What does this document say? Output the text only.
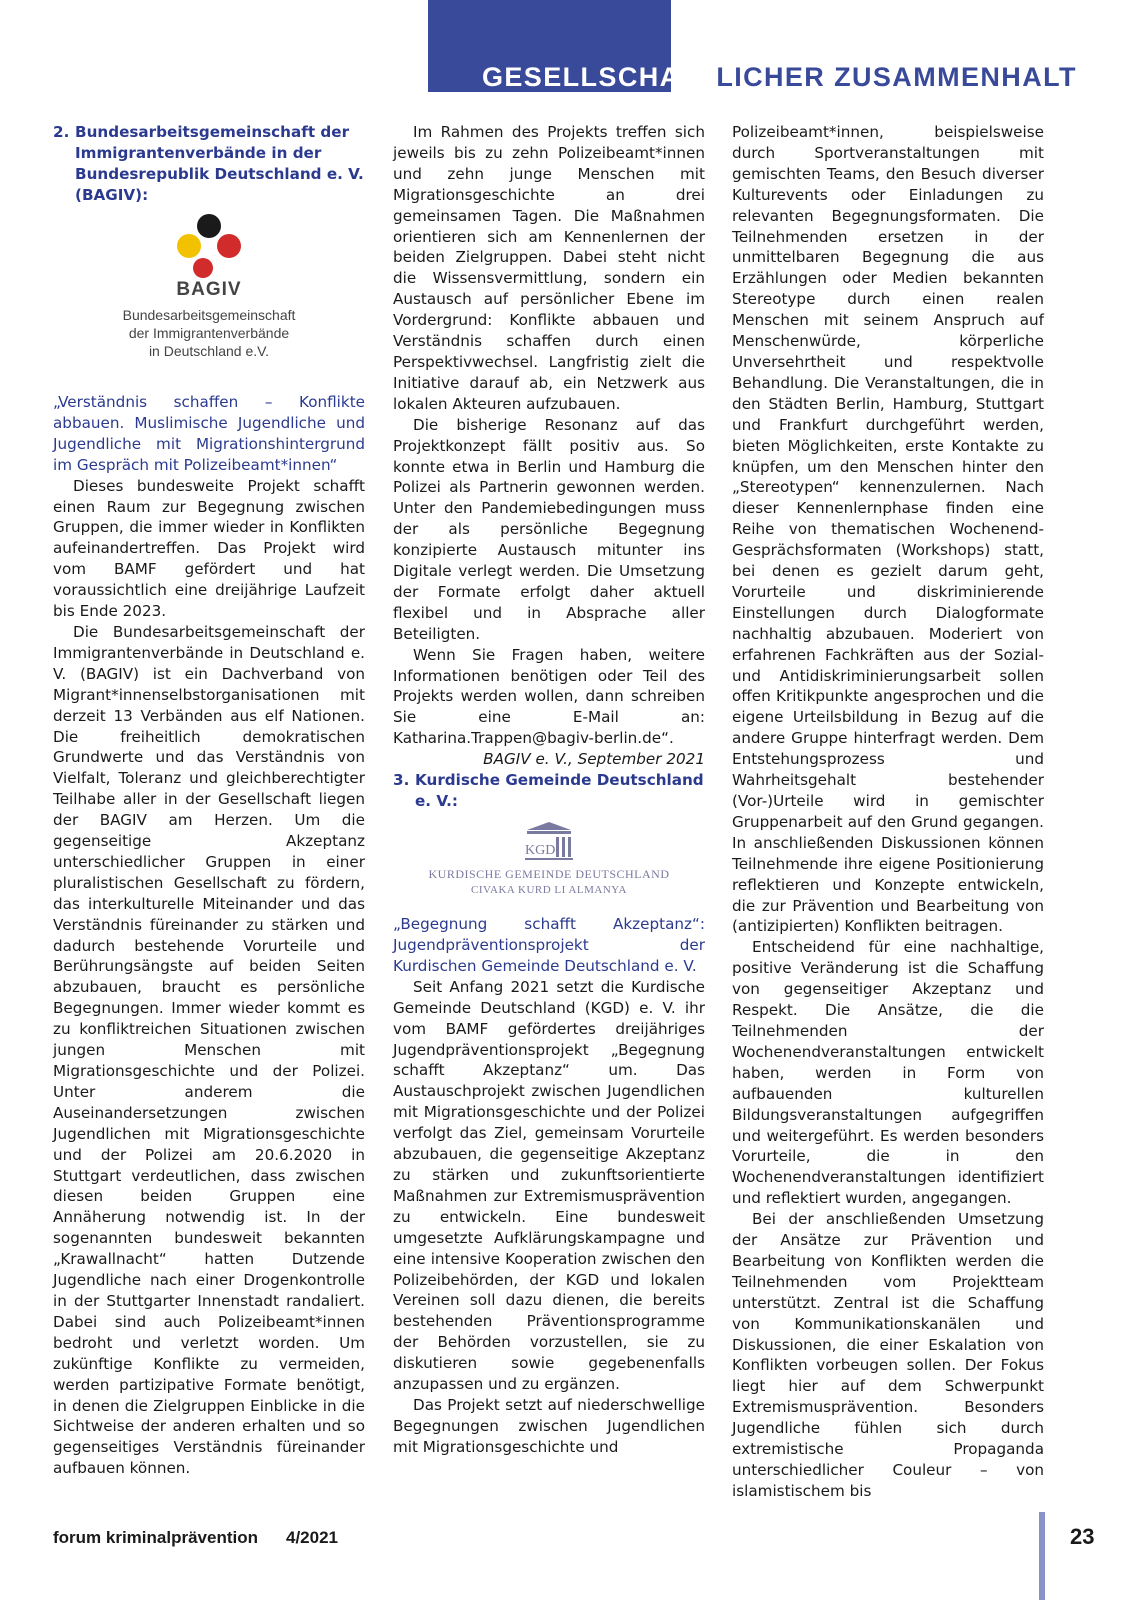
GESELLSCHAFTLICHER ZUSAMMENHALT
2. Bundesarbeitsgemeinschaft der Immigrantenverbände in der Bundesrepublik Deutschland e. V. (BAGIV):
BAGIV
Bundesarbeitsgemeinschaft
der Immigrantenverbände
in Deutschland e.V.

„Verständnis schaffen – Konflikte abbauen. Muslimische Jugendliche und Jugendliche mit Migrationshintergrund im Gespräch mit Polizeibeamt*innen“

Dieses bundesweite Projekt schafft einen Raum zur Begegnung zwischen Gruppen, die immer wieder in Konflikten aufeinandertreffen. Das Projekt wird vom BAMF gefördert und hat voraussichtlich eine dreijährige Laufzeit bis Ende 2023.

Die Bundesarbeitsgemeinschaft der Immigrantenverbände in Deutschland e. V. (BAGIV) ist ein Dachverband von Migrant*innenselbstorganisationen mit derzeit 13 Verbänden aus elf Nationen. Die freiheitlich demokratischen Grundwerte und das Verständnis von Vielfalt, Toleranz und gleichberechtigter Teilhabe aller in der Gesellschaft liegen der BAGIV am Herzen. Um die gegenseitige Akzeptanz unterschiedlicher Gruppen in einer pluralistischen Gesellschaft zu fördern, das interkulturelle Miteinander und das Verständnis füreinander zu stärken und dadurch bestehende Vorurteile und Berührungsängste auf beiden Seiten abzubauen, braucht es persönliche Begegnungen. Immer wieder kommt es zu konfliktreichen Situationen zwischen jungen Menschen mit Migrationsgeschichte und der Polizei. Unter anderem die Auseinandersetzungen zwischen Jugendlichen mit Migrationsgeschichte und der Polizei am 20.6.2020 in Stuttgart verdeutlichen, dass zwischen diesen beiden Gruppen eine Annäherung notwendig ist. In der sogenannten bundesweit bekannten „Krawallnacht“ hatten Dutzende Jugendliche nach einer Drogenkontrolle in der Stuttgarter Innenstadt randaliert. Dabei sind auch Polizeibeamt*innen bedroht und verletzt worden. Um zukünftige Konflikte zu vermeiden, werden partizipative Formate benötigt, in denen die Zielgruppen Einblicke in die Sichtweise der anderen erhalten und so gegenseitiges Verständnis füreinander aufbauen können.

Im Rahmen des Projekts treffen sich jeweils bis zu zehn Polizeibeamt*innen und zehn junge Menschen mit Migrationsgeschichte an drei gemeinsamen Tagen. Die Maßnahmen orientieren sich am Kennenlernen der beiden Zielgruppen. Dabei steht nicht die Wissensvermittlung, sondern ein Austausch auf persönlicher Ebene im Vordergrund: Konflikte abbauen und Verständnis schaffen durch einen Perspektivwechsel. Langfristig zielt die Initiative darauf ab, ein Netzwerk aus lokalen Akteuren aufzubauen.

Die bisherige Resonanz auf das Projektkonzept fällt positiv aus. So konnte etwa in Berlin und Hamburg die Polizei als Partnerin gewonnen werden. Unter den Pandemiebedingungen muss der als persönliche Begegnung konzipierte Austausch mitunter ins Digitale verlegt werden. Die Umsetzung der Formate erfolgt daher aktuell flexibel und in Absprache aller Beteiligten.

Wenn Sie Fragen haben, weitere Informationen benötigen oder Teil des Projekts werden wollen, dann schreiben Sie eine E-Mail an: Katharina.Trappen@bagiv-berlin.de“.

BAGIV e. V., September 2021

3. Kurdische Gemeinde Deutschland e. V.:
KGD
KURDISCHE GEMEINDE DEUTSCHLAND
CIVAKA KURD LI ALMANYA

„Begegnung schafft Akzeptanz“: Jugendpräventionsprojekt der Kurdischen Gemeinde Deutschland e. V.

Seit Anfang 2021 setzt die Kurdische Gemeinde Deutschland (KGD) e. V. ihr vom BAMF gefördertes dreijähriges Jugendpräventionsprojekt „Begegnung schafft Akzeptanz“ um. Das Austauschprojekt zwischen Jugendlichen mit Migrationsgeschichte und der Polizei verfolgt das Ziel, gemeinsam Vorurteile abzubauen, die gegenseitige Akzeptanz zu stärken und zukunftsorientierte Maßnahmen zur Extremismusprävention zu entwickeln. Eine bundesweit umgesetzte Aufklärungskampagne und eine intensive Kooperation zwischen den Polizeibehörden, der KGD und lokalen Vereinen soll dazu dienen, die bereits bestehenden Präventionsprogramme der Behörden vorzustellen, sie zu diskutieren sowie gegebenenfalls anzupassen und zu ergänzen.

Das Projekt setzt auf niederschwellige Begegnungen zwischen Jugendlichen mit Migrationsgeschichte und

Polizeibeamt*innen, beispielsweise durch Sportveranstaltungen mit gemischten Teams, den Besuch diverser Kulturevents oder Einladungen zu relevanten Begegnungsformaten. Die Teilnehmenden ersetzen in der unmittelbaren Begegnung die aus Erzählungen oder Medien bekannten Stereotype durch einen realen Menschen mit seinem Anspruch auf Menschenwürde, körperliche Unversehrtheit und respektvolle Behandlung. Die Veranstaltungen, die in den Städten Berlin, Hamburg, Stuttgart und Frankfurt durchgeführt werden, bieten Möglichkeiten, erste Kontakte zu knüpfen, um den Menschen hinter den „Stereotypen“ kennenzulernen. Nach dieser Kennenlernphase finden eine Reihe von thematischen Wochenend-Gesprächsformaten (Workshops) statt, bei denen es gezielt darum geht, Vorurteile und diskriminierende Einstellungen durch Dialogformate nachhaltig abzubauen. Moderiert von erfahrenen Fachkräften aus der Sozial- und Antidiskriminierungsarbeit sollen offen Kritikpunkte angesprochen und die eigene Urteilsbildung in Bezug auf die andere Gruppe hinterfragt werden. Dem Entstehungsprozess und Wahrheitsgehalt bestehender (Vor-)Urteile wird in gemischter Gruppenarbeit auf den Grund gegangen. In anschließenden Diskussionen können Teilnehmende ihre eigene Positionierung reflektieren und Konzepte entwickeln, die zur Prävention und Bearbeitung von (antizipierten) Konflikten beitragen.

Entscheidend für eine nachhaltige, positive Veränderung ist die Schaffung von gegenseitiger Akzeptanz und Respekt. Die Ansätze, die die Teilnehmenden der Wochenendveranstaltungen entwickelt haben, werden in Form von aufbauenden kulturellen Bildungsveranstaltungen aufgegriffen und weitergeführt. Es werden besonders Vorurteile, die in den Wochenendveranstaltungen identifiziert und reflektiert wurden, angegangen.

Bei der anschließenden Umsetzung der Ansätze zur Prävention und Bearbeitung von Konflikten werden die Teilnehmenden vom Projektteam unterstützt. Zentral ist die Schaffung von Kommunikationskanälen und Diskussionen, die einer Eskalation von Konflikten vorbeugen sollen. Der Fokus liegt hier auf dem Schwerpunkt Extremismusprävention. Besonders Jugendliche fühlen sich durch extremistische Propaganda unterschiedlicher Couleur – von islamistischem bis

forum kriminalprävention 4/2021	23
